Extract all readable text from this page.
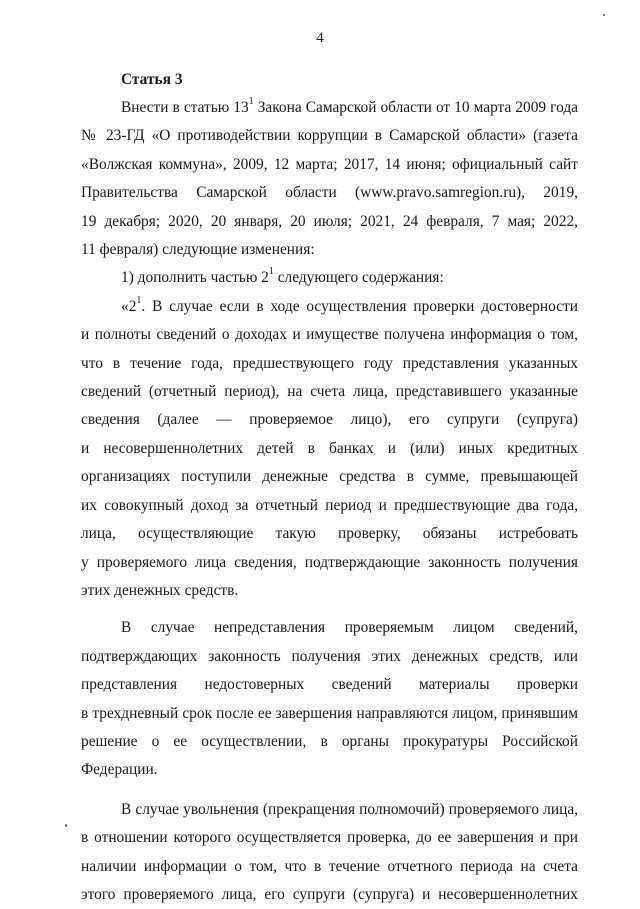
4
Статья 3
Внести в статью $13^1$ Закона Самарской области от 10 марта 2009 года
№ 23-ГД «О противодействии коррупции в Самарской области» (газета
«Волжская коммуна», 2009, 12 марта; 2017, 14 июня; официальный сайт
Правительства Самарской области (www.pravo.samregion.ru), 2019,
19 декабря; 2020, 20 января, 20 июля; 2021, 24 февраля, 7 мая; 2022,
11 февраля) следующие изменения:
1) дополнить частью $2^1$ следующего содержания:
«$2^1$. В случае если в ходе осуществления проверки достоверности
и полноты сведений о доходах и имуществе получена информация о том,
что в течение года, предшествующего году представления указанных
сведений (отчетный период), на счета лица, представившего указанные
сведения (далее — проверяемое лицо), его супруги (супруга)
и несовершеннолетних детей в банках и (или) иных кредитных
организациях поступили денежные средства в сумме, превышающей
их совокупный доход за отчетный период и предшествующие два года,
лица, осуществляющие такую проверку, обязаны истребовать
у проверяемого лица сведения, подтверждающие законность получения
этих денежных средств.
В случае непредставления проверяемым лицом сведений,
подтверждающих законность получения этих денежных средств, или
представления недостоверных сведений материалы проверки
в трехдневный срок после ее завершения направляются лицом, принявшим
решение о ее осуществлении, в органы прокуратуры Российской
Федерации.
В случае увольнения (прекращения полномочий) проверяемого лица,
в отношении которого осуществляется проверка, до ее завершения и при
наличии информации о том, что в течение отчетного периода на счета
этого проверяемого лица, его супруги (супруга) и несовершеннолетних
